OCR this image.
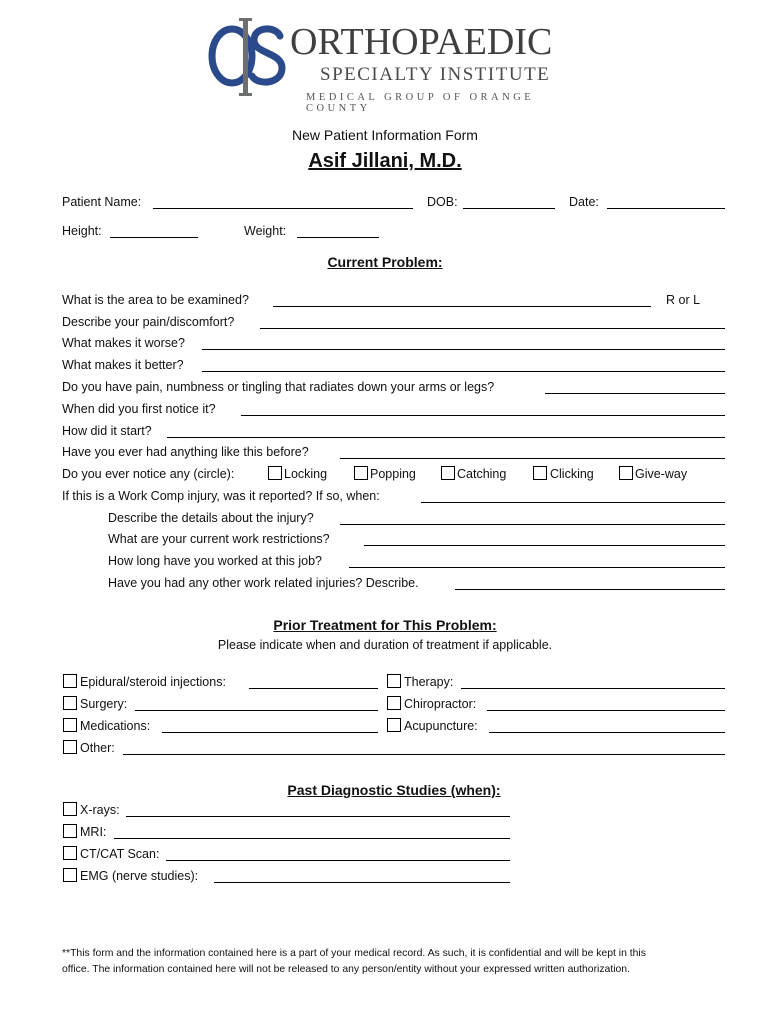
ORTHOPAEDIC
SPECIALTY INSTITUTE
MEDICAL GROUP OF ORANGE COUNTY
New Patient Information Form
Asif Jillani, M.D.
Patient Name:	DOB:	Date:
Height:	Weight:
Current Problem:
What is the area to be examined?	R or L
Describe your pain/discomfort?
What makes it worse?
What makes it better?
Do you have pain, numbness or tingling that radiates down your arms or legs?
When did you first notice it?
How did it start?
Have you ever had anything like this before?
Do you ever notice any (circle):	Locking	Popping	Catching	Clicking	Give-way
If this is a Work Comp injury, was it reported? If so, when:
Describe the details about the injury?
What are your current work restrictions?
How long have you worked at this job?
Have you had any other work related injuries? Describe.
Prior Treatment for This Problem:
Please indicate when and duration of treatment if applicable.
Epidural/steroid injections:	Therapy:
Surgery:	Chiropractor:
Medications:	Acupuncture:
Other:
Past Diagnostic Studies (when):
X-rays:
MRI:
CT/CAT Scan:
EMG (nerve studies):
**This form and the information contained here is a part of your medical record. As such, it is confidential and will be kept in this
office. The information contained here will not be released to any person/entity without your expressed written authorization.
